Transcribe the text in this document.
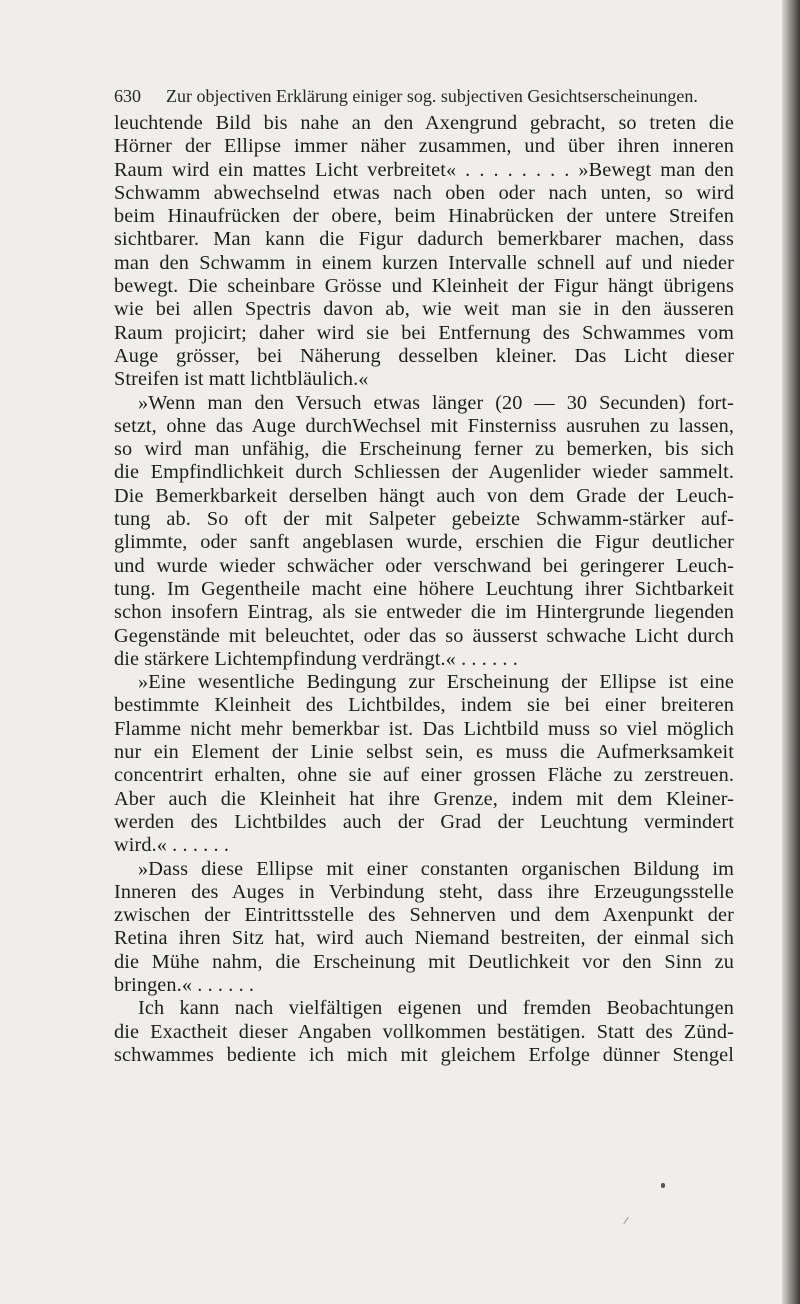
630 Zur objectiven Erklärung einiger sog. subjectiven Gesichtserscheinungen.
leuchtende Bild bis nahe an den Axengrund gebracht, so treten die
Hörner der Ellipse immer näher zusammen, und über ihren inneren
Raum wird ein mattes Licht verbreitet« . . . . . . . . »Bewegt man den
Schwamm abwechselnd etwas nach oben oder nach unten, so wird
beim Hinaufrücken der obere, beim Hinabrücken der untere Streifen
sichtbarer. Man kann die Figur dadurch bemerkbarer machen, dass
man den Schwamm in einem kurzen Intervalle schnell auf und nieder
bewegt. Die scheinbare Grösse und Kleinheit der Figur hängt übrigens
wie bei allen Spectris davon ab, wie weit man sie in den äusseren
Raum projicirt; daher wird sie bei Entfernung des Schwammes vom
Auge grösser, bei Näherung desselben kleiner. Das Licht dieser
Streifen ist matt lichtbläulich.«
»Wenn man den Versuch etwas länger (20 — 30 Secunden) fort-
setzt, ohne das Auge durchWechsel mit Finsterniss ausruhen zu lassen,
so wird man unfähig, die Erscheinung ferner zu bemerken, bis sich
die Empfindlichkeit durch Schliessen der Augenlider wieder sammelt.
Die Bemerkbarkeit derselben hängt auch von dem Grade der Leuch-
tung ab. So oft der mit Salpeter gebeizte Schwamm-stärker auf-
glimmte, oder sanft angeblasen wurde, erschien die Figur deutlicher
und wurde wieder schwächer oder verschwand bei geringerer Leuch-
tung. Im Gegentheile macht eine höhere Leuchtung ihrer Sichtbarkeit
schon insofern Eintrag, als sie entweder die im Hintergrunde liegenden
Gegenstände mit beleuchtet, oder das so äusserst schwache Licht durch
die stärkere Lichtempfindung verdrängt.« . . . . . .
»Eine wesentliche Bedingung zur Erscheinung der Ellipse ist eine
bestimmte Kleinheit des Lichtbildes, indem sie bei einer breiteren
Flamme nicht mehr bemerkbar ist. Das Lichtbild muss so viel möglich
nur ein Element der Linie selbst sein, es muss die Aufmerksamkeit
concentrirt erhalten, ohne sie auf einer grossen Fläche zu zerstreuen.
Aber auch die Kleinheit hat ihre Grenze, indem mit dem Kleiner-
werden des Lichtbildes auch der Grad der Leuchtung vermindert
wird.« . . . . . .
»Dass diese Ellipse mit einer constanten organischen Bildung im
Inneren des Auges in Verbindung steht, dass ihre Erzeugungsstelle
zwischen der Eintrittsstelle des Sehnerven und dem Axenpunkt der
Retina ihren Sitz hat, wird auch Niemand bestreiten, der einmal sich
die Mühe nahm, die Erscheinung mit Deutlichkeit vor den Sinn zu
bringen.« . . . . . .
Ich kann nach vielfältigen eigenen und fremden Beobachtungen
die Exactheit dieser Angaben vollkommen bestätigen. Statt des Zünd-
schwammes bediente ich mich mit gleichem Erfolge dünner Stengel
